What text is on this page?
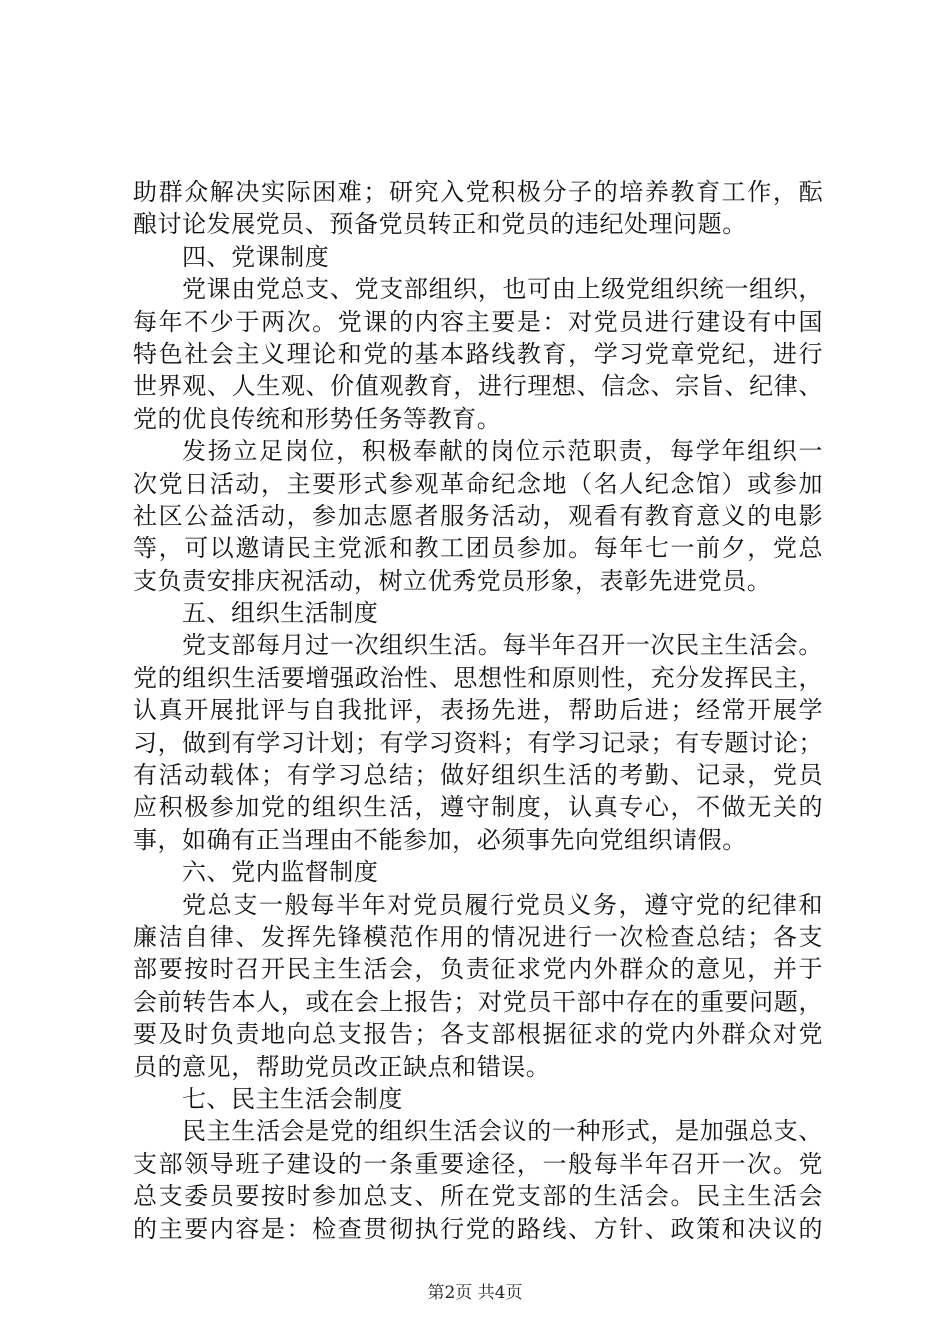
助群众解决实际困难；研究入党积极分子的培养教育工作，酝
酿讨论发展党员、预备党员转正和党员的违纪处理问题。
四、党课制度
党课由党总支、党支部组织，也可由上级党组织统一组织，
每年不少于两次。党课的内容主要是：对党员进行建设有中国
特色社会主义理论和党的基本路线教育，学习党章党纪，进行
世界观、人生观、价值观教育，进行理想、信念、宗旨、纪律、
党的优良传统和形势任务等教育。
发扬立足岗位，积极奉献的岗位示范职责，每学年组织一
次党日活动，主要形式参观革命纪念地（名人纪念馆）或参加
社区公益活动，参加志愿者服务活动，观看有教育意义的电影
等，可以邀请民主党派和教工团员参加。每年七一前夕，党总
支负责安排庆祝活动，树立优秀党员形象，表彰先进党员。
五、组织生活制度
党支部每月过一次组织生活。每半年召开一次民主生活会。
党的组织生活要增强政治性、思想性和原则性，充分发挥民主，
认真开展批评与自我批评，表扬先进，帮助后进；经常开展学
习，做到有学习计划；有学习资料；有学习记录；有专题讨论；
有活动载体；有学习总结；做好组织生活的考勤、记录，党员
应积极参加党的组织生活，遵守制度，认真专心，不做无关的
事，如确有正当理由不能参加，必须事先向党组织请假。
六、党内监督制度
党总支一般每半年对党员履行党员义务，遵守党的纪律和
廉洁自律、发挥先锋模范作用的情况进行一次检查总结；各支
部要按时召开民主生活会，负责征求党内外群众的意见，并于
会前转告本人，或在会上报告；对党员干部中存在的重要问题，
要及时负责地向总支报告；各支部根据征求的党内外群众对党
员的意见，帮助党员改正缺点和错误。
七、民主生活会制度
民主生活会是党的组织生活会议的一种形式，是加强总支、
支部领导班子建设的一条重要途径，一般每半年召开一次。党
总支委员要按时参加总支、所在党支部的生活会。民主生活会
的主要内容是：检查贯彻执行党的路线、方针、政策和决议的
第2页 共4页
